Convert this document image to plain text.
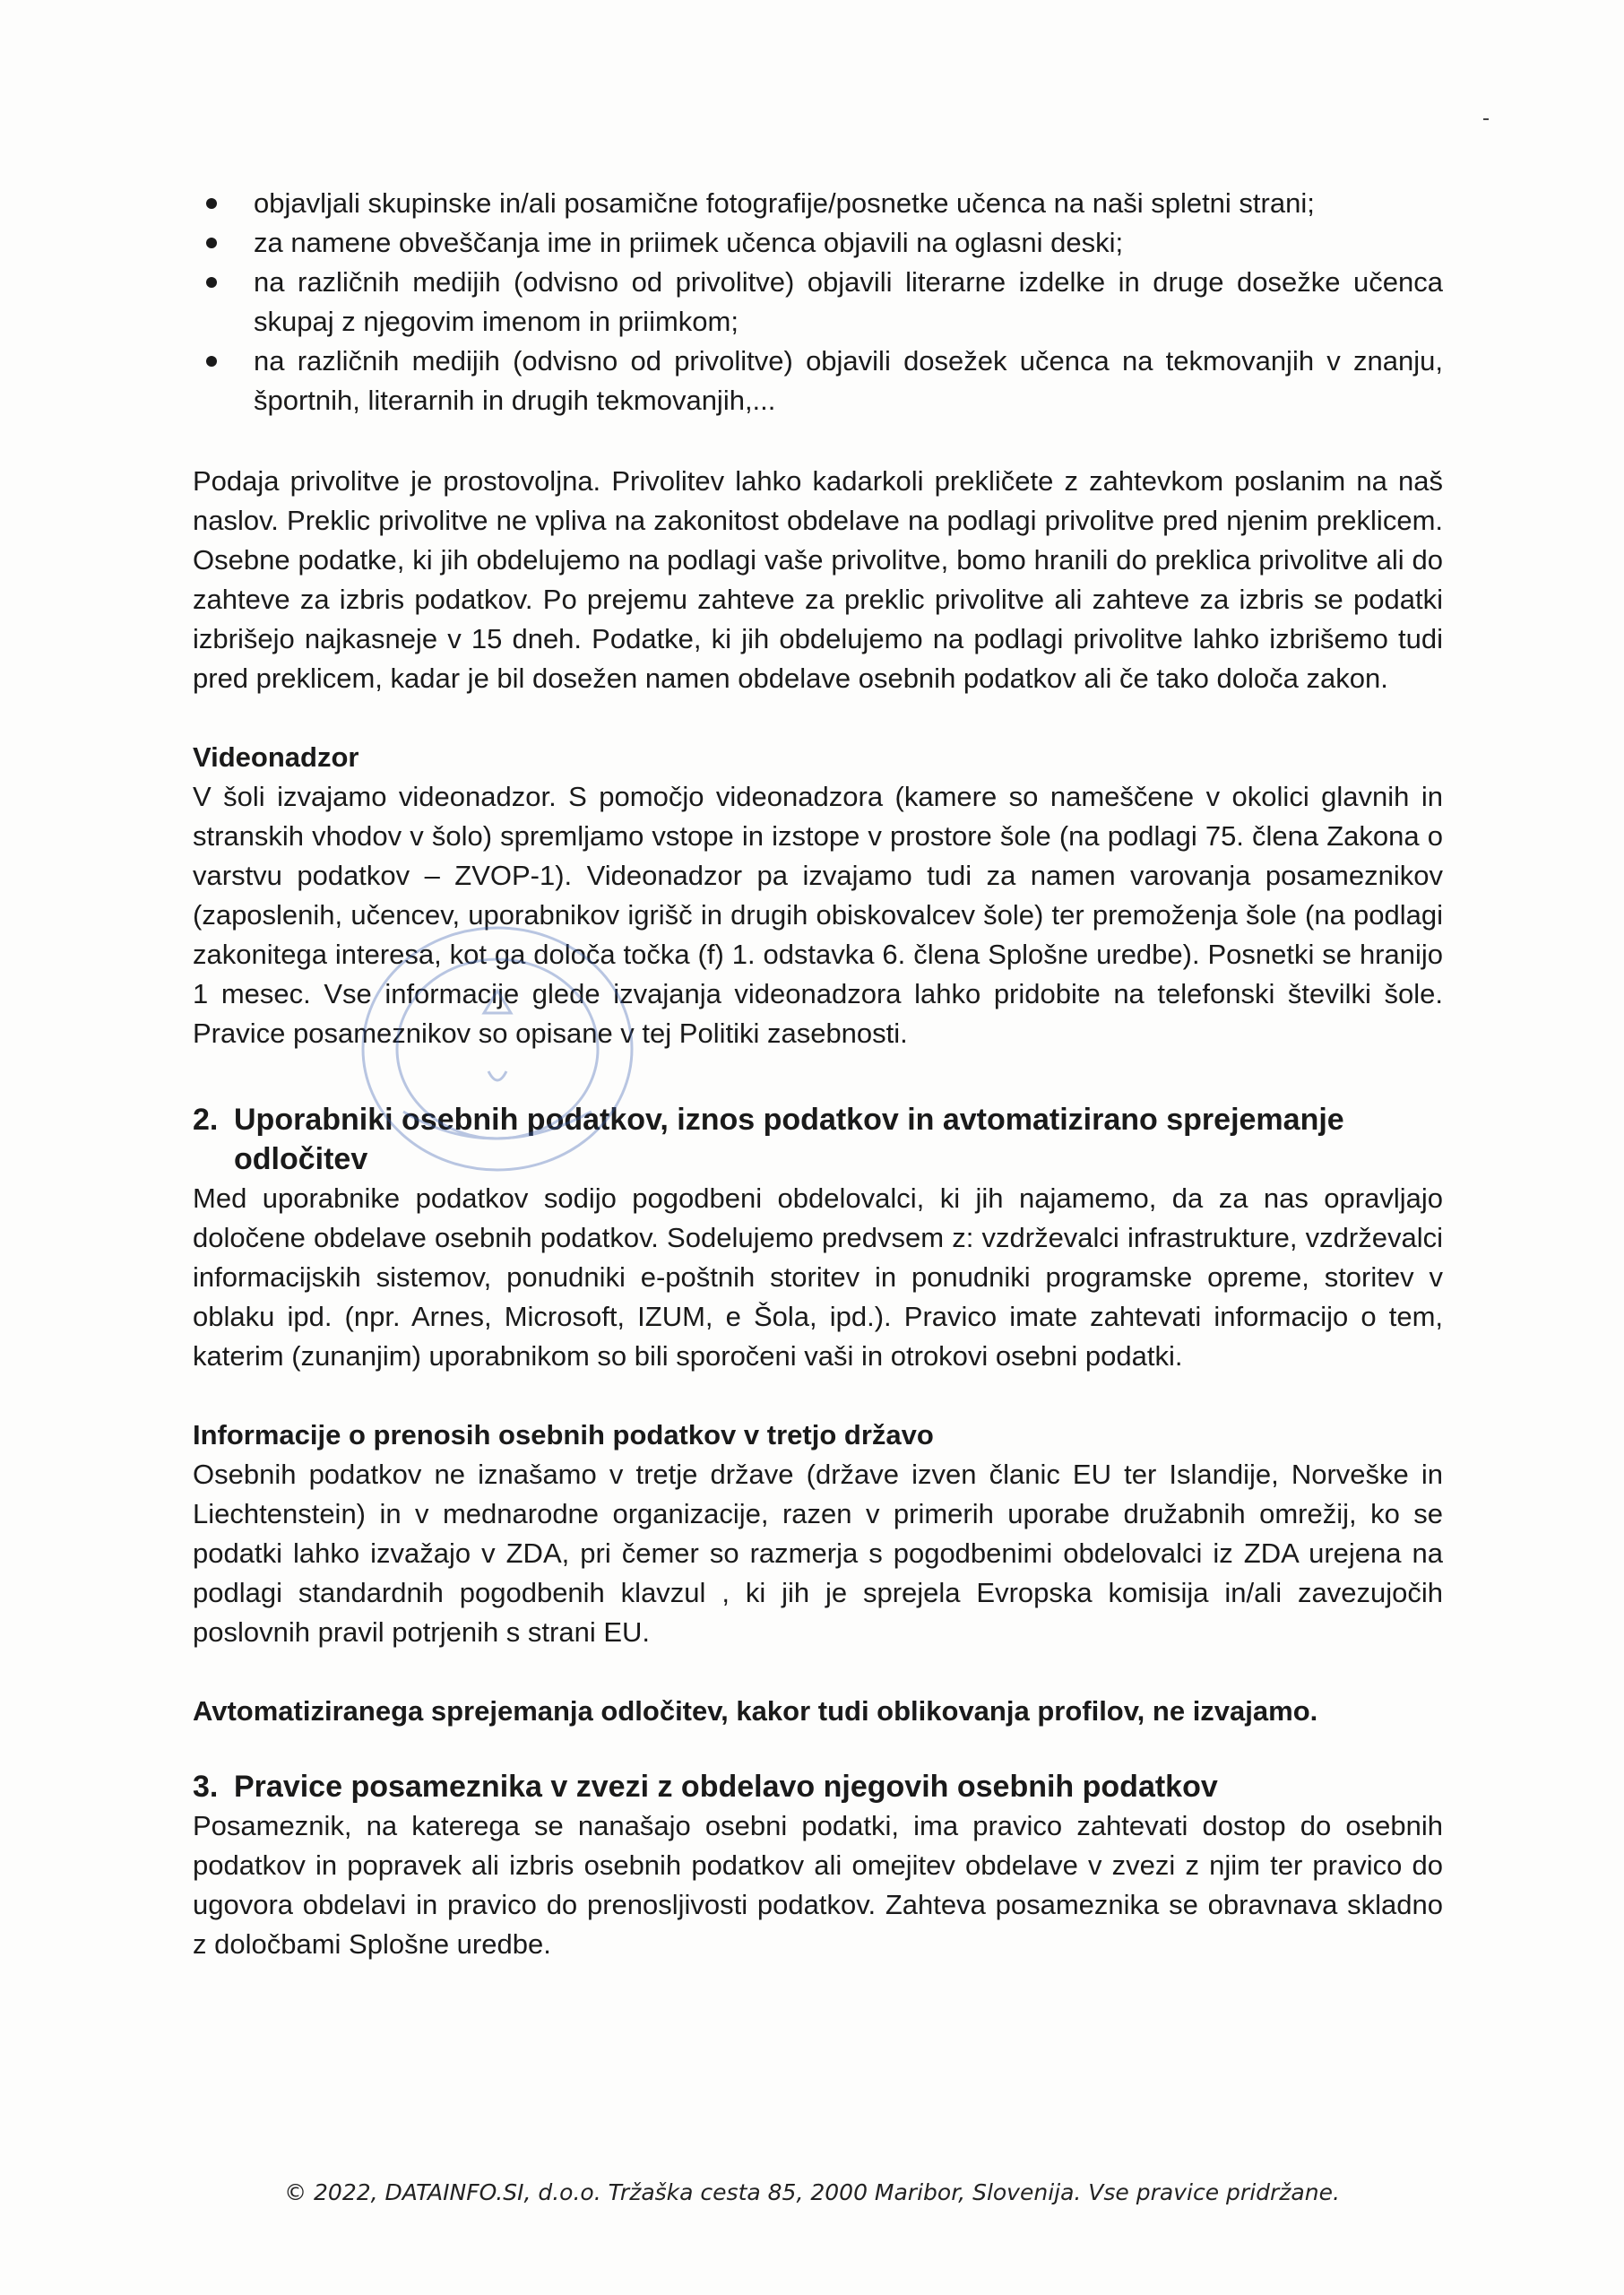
objavljali skupinske in/ali posamične fotografije/posnetke učenca na naši spletni strani;
za namene obveščanja ime in priimek učenca objavili na oglasni deski;
na različnih medijih (odvisno od privolitve) objavili literarne izdelke in druge dosežke učenca skupaj z njegovim imenom in priimkom;
na različnih medijih (odvisno od privolitve) objavili dosežek učenca na tekmovanjih v znanju, športnih, literarnih in drugih tekmovanjih,...

Podaja privolitve je prostovoljna. Privolitev lahko kadarkoli prekličete z zahtevkom poslanim na naš naslov. Preklic privolitve ne vpliva na zakonitost obdelave na podlagi privolitve pred njenim preklicem. Osebne podatke, ki jih obdelujemo na podlagi vaše privolitve, bomo hranili do preklica privolitve ali do zahteve za izbris podatkov. Po prejemu zahteve za preklic privolitve ali zahteve za izbris se podatki izbrišejo najkasneje v 15 dneh. Podatke, ki jih obdelujemo na podlagi privolitve lahko izbrišemo tudi pred preklicem, kadar je bil dosežen namen obdelave osebnih podatkov ali če tako določa zakon.

Videonadzor

V šoli izvajamo videonadzor. S pomočjo videonadzora (kamere so nameščene v okolici glavnih in stranskih vhodov v šolo) spremljamo vstope in izstope v prostore šole (na podlagi 75. člena Zakona o varstvu podatkov – ZVOP-1). Videonadzor pa izvajamo tudi za namen varovanja posameznikov (zaposlenih, učencev, uporabnikov igrišč in drugih obiskovalcev šole) ter premoženja šole (na podlagi zakonitega interesa, kot ga določa točka (f) 1. odstavka 6. člena Splošne uredbe). Posnetki se hranijo 1 mesec. Vse informacije glede izvajanja videonadzora lahko pridobite na telefonski številki šole. Pravice posameznikov so opisane v tej Politiki zasebnosti.

2. Uporabniki osebnih podatkov, iznos podatkov in avtomatizirano sprejemanje odločitev

Med uporabnike podatkov sodijo pogodbeni obdelovalci, ki jih najamemo, da za nas opravljajo določene obdelave osebnih podatkov. Sodelujemo predvsem z: vzdrževalci infrastrukture, vzdrževalci informacijskih sistemov, ponudniki e-poštnih storitev in ponudniki programske opreme, storitev v oblaku ipd. (npr. Arnes, Microsoft, IZUM, e Šola, ipd.). Pravico imate zahtevati informacijo o tem, katerim (zunanjim) uporabnikom so bili sporočeni vaši in otrokovi osebni podatki.

Informacije o prenosih osebnih podatkov v tretjo državo

Osebnih podatkov ne iznašamo v tretje države (države izven članic EU ter Islandije, Norveške in Liechtenstein) in v mednarodne organizacije, razen v primerih uporabe družabnih omrežij, ko se podatki lahko izvažajo v ZDA, pri čemer so razmerja s pogodbenimi obdelovalci iz ZDA urejena na podlagi standardnih pogodbenih klavzul , ki jih je sprejela Evropska komisija in/ali zavezujočih poslovnih pravil potrjenih s strani EU.

Avtomatiziranega sprejemanja odločitev, kakor tudi oblikovanja profilov, ne izvajamo.
3. Pravice posameznika v zvezi z obdelavo njegovih osebnih podatkov

Posameznik, na katerega se nanašajo osebni podatki, ima pravico zahtevati dostop do osebnih podatkov in popravek ali izbris osebnih podatkov ali omejitev obdelave v zvezi z njim ter pravico do ugovora obdelavi in pravico do prenosljivosti podatkov. Zahteva posameznika se obravnava skladno z določbami Splošne uredbe.

© 2022, DATAINFO.SI, d.o.o. Tržaška cesta 85, 2000 Maribor, Slovenija. Vse pravice pridržane.
